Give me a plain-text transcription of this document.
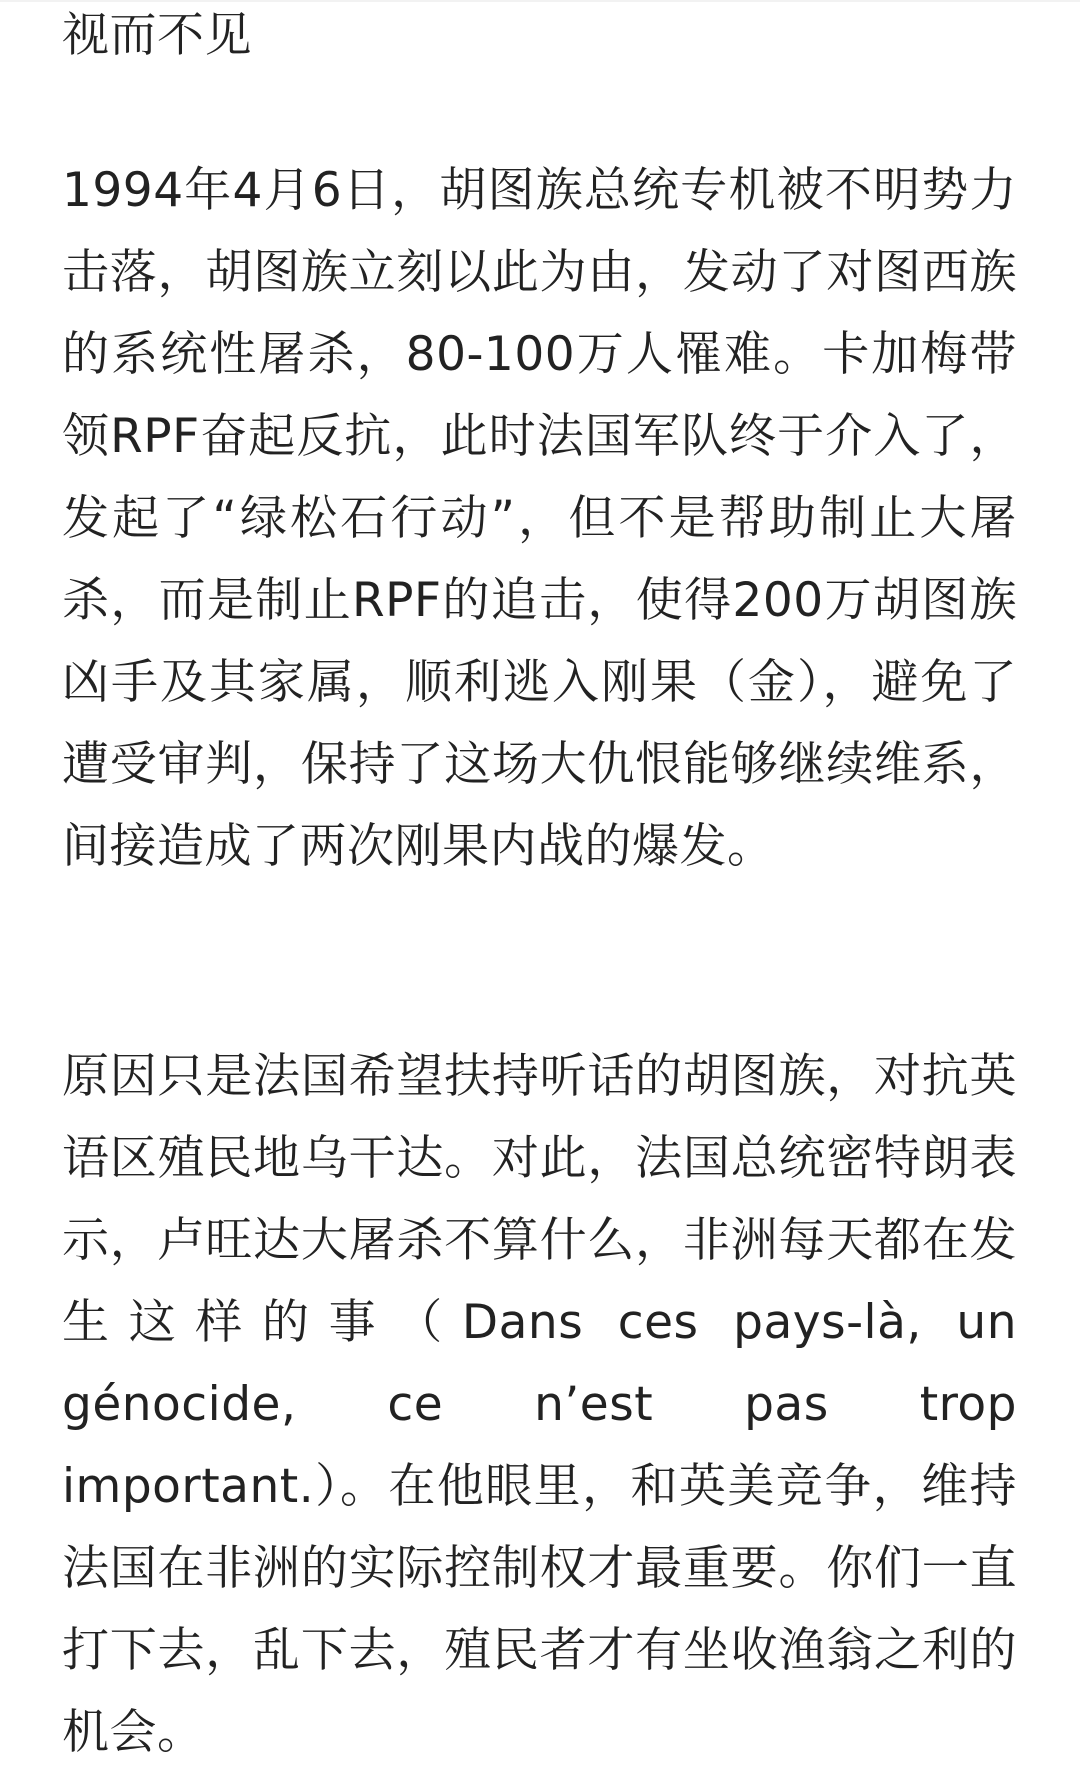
视而不见

1994年4月6日，胡图族总统专机被不明势力击落，胡图族立刻以此为由，发动了对图西族的系统性屠杀，80-100万人罹难。卡加梅带领RPF奋起反抗，此时法国军队终于介入了，发起了“绿松石行动”，但不是帮助制止大屠杀，而是制止RPF的追击，使得200万胡图族凶手及其家属，顺利逃入刚果（金），避免了遭受审判，保持了这场大仇恨能够继续维系，间接造成了两次刚果内战的爆发。

原因只是法国希望扶持听话的胡图族，对抗英语区殖民地乌干达。对此，法国总统密特朗表示，卢旺达大屠杀不算什么，非洲每天都在发生这样的事（Dans ces pays-là, un génocide, ce n’est pas trop important.）。在他眼里，和英美竞争，维持法国在非洲的实际控制权才最重要。你们一直打下去，乱下去，殖民者才有坐收渔翁之利的机会。
